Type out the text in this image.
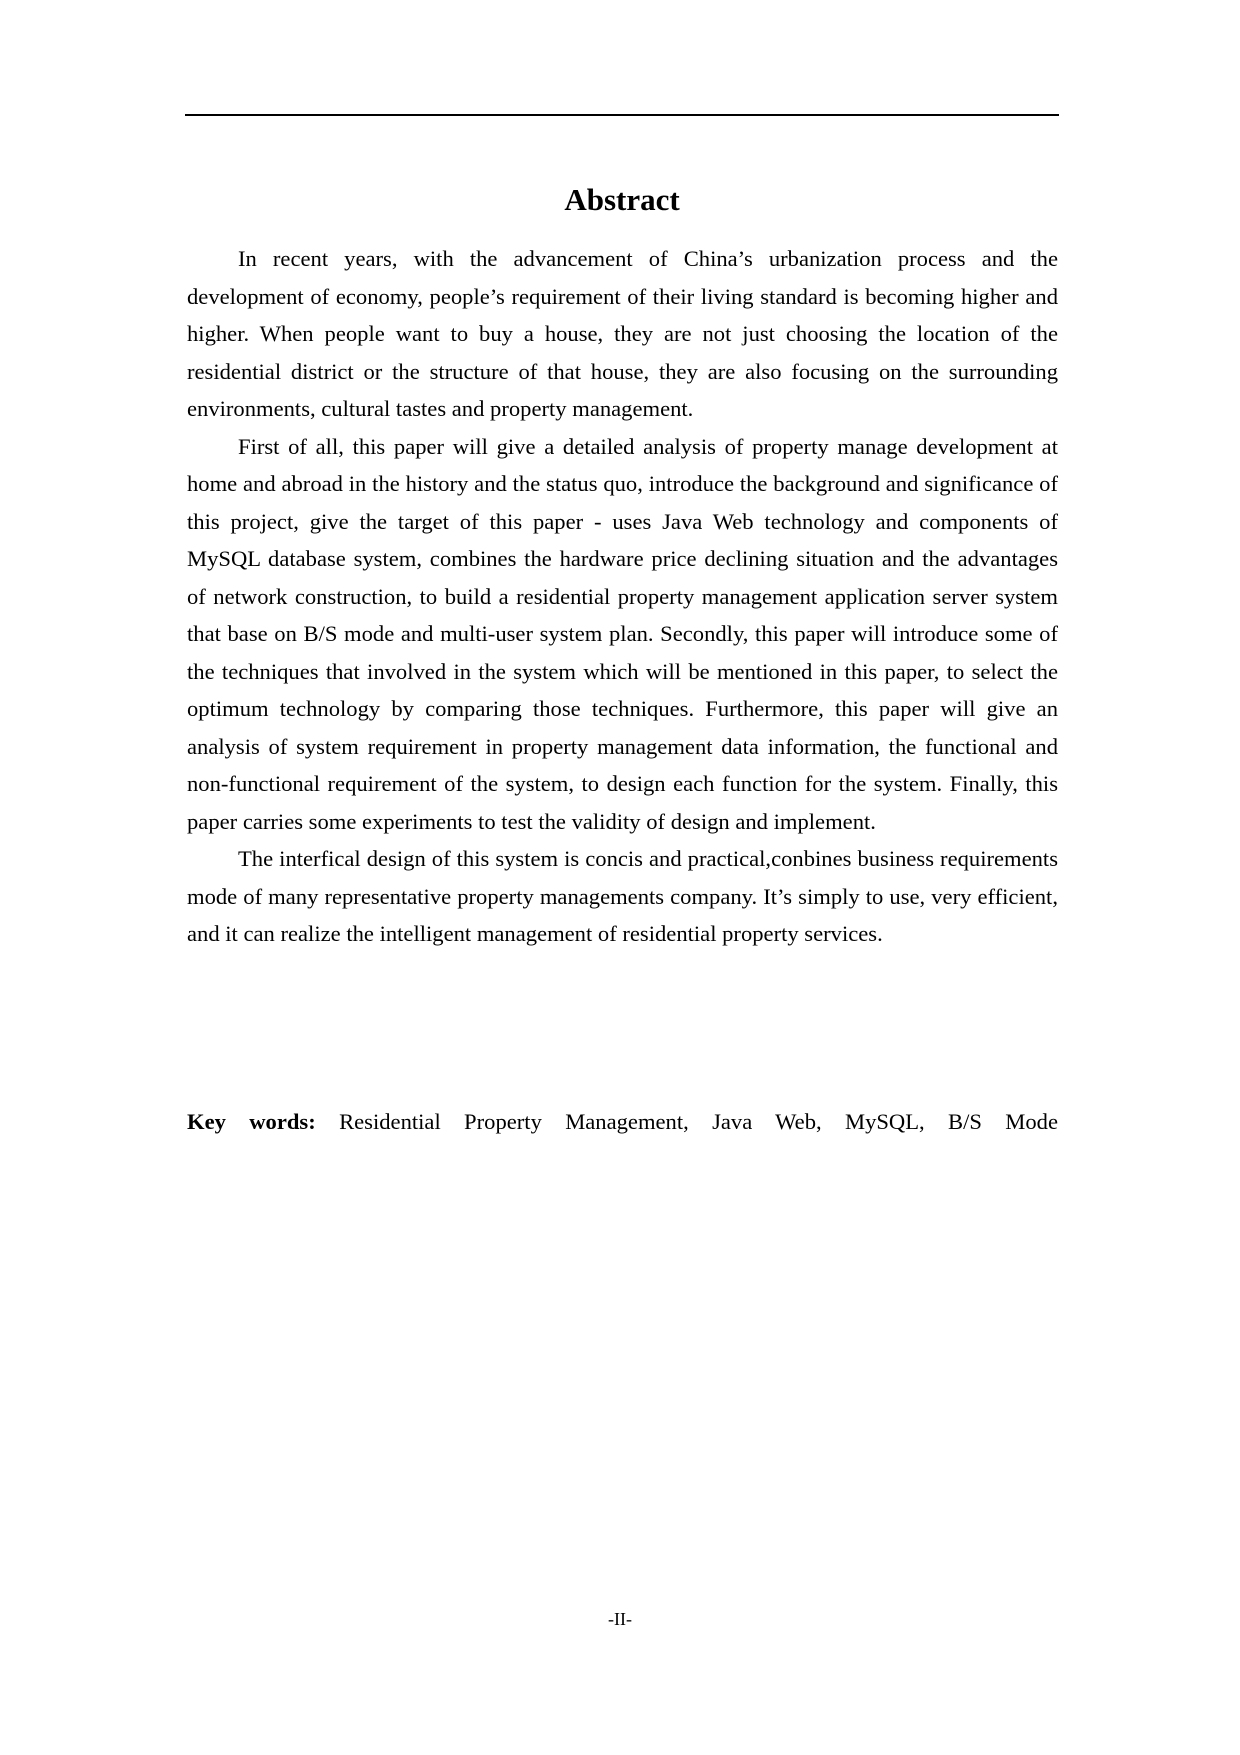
Abstract

In recent years, with the advancement of China’s urbanization process and the development of economy, people’s requirement of their living standard is becoming higher and higher. When people want to buy a house, they are not just choosing the location of the residential district or the structure of that house, they are also focusing on the surrounding environments, cultural tastes and property management.

First of all, this paper will give a detailed analysis of property manage development at home and abroad in the history and the status quo, introduce the background and significance of this project, give the target of this paper - uses Java Web technology and components of MySQL database system, combines the hardware price declining situation and the advantages of network construction, to build a residential property management application server system that base on B/S mode and multi-user system plan. Secondly, this paper will introduce some of the techniques that involved in the system which will be mentioned in this paper, to select the optimum technology by comparing those techniques. Furthermore, this paper will give an analysis of system requirement in property management data information, the functional and non-functional requirement of the system, to design each function for the system. Finally, this paper carries some experiments to test the validity of design and implement.

The interfical design of this system is concis and practical,conbines business requirements mode of many representative property managements company. It’s simply to use, very efficient, and it can realize the intelligent management of residential property services.

Key words: Residential Property Management, Java Web, MySQL, B/S Mode

-II-
